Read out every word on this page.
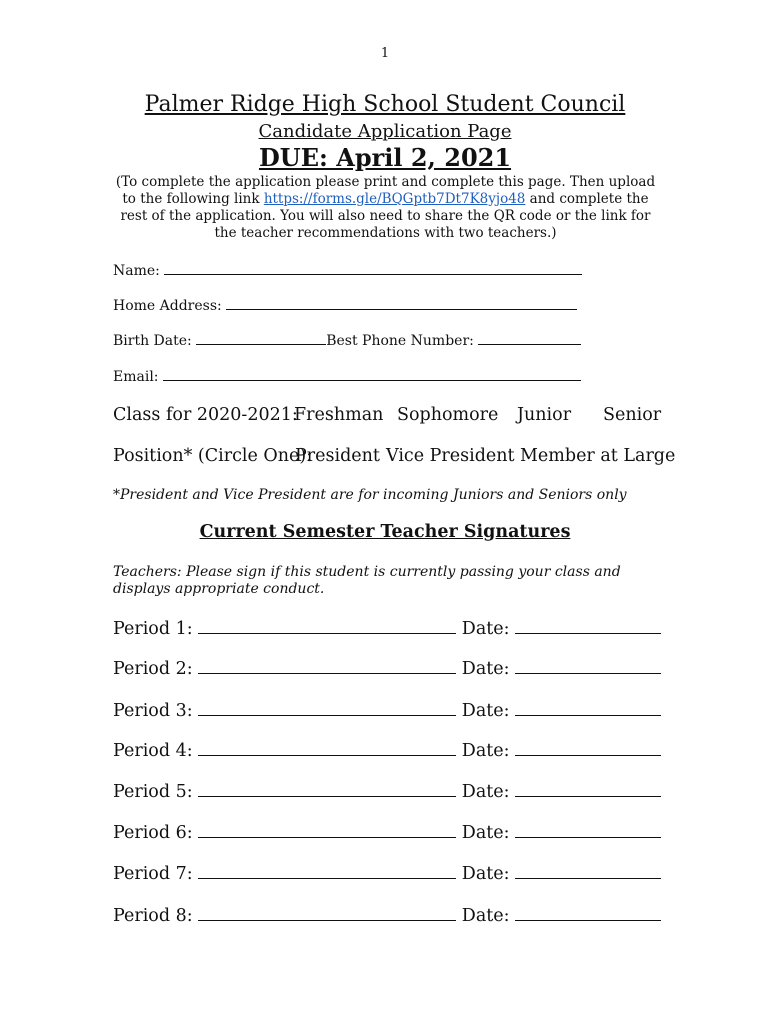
1
Palmer Ridge High School Student Council
Candidate Application Page
DUE: April 2, 2021
(To complete the application please print and complete this page. Then upload to the following link https://forms.gle/BQGptb7Dt7K8yjo48 and complete the rest of the application. You will also need to share the QR code or the link for the teacher recommendations with two teachers.)
Name:
Home Address:
Birth Date:	Best Phone Number:
Email:
Class for 2020-2021:
Freshman Sophomore Junior Senior
Position* (Circle One):
President Vice President Member at Large
*President and Vice President are for incoming Juniors and Seniors only
Current Semester Teacher Signatures
Teachers: Please sign if this student is currently passing your class and displays appropriate conduct.
Period 1:	Date:
Period 2:	Date:
Period 3:	Date:
Period 4:	Date:
Period 5:	Date:
Period 6:	Date:
Period 7:	Date:
Period 8:	Date:
